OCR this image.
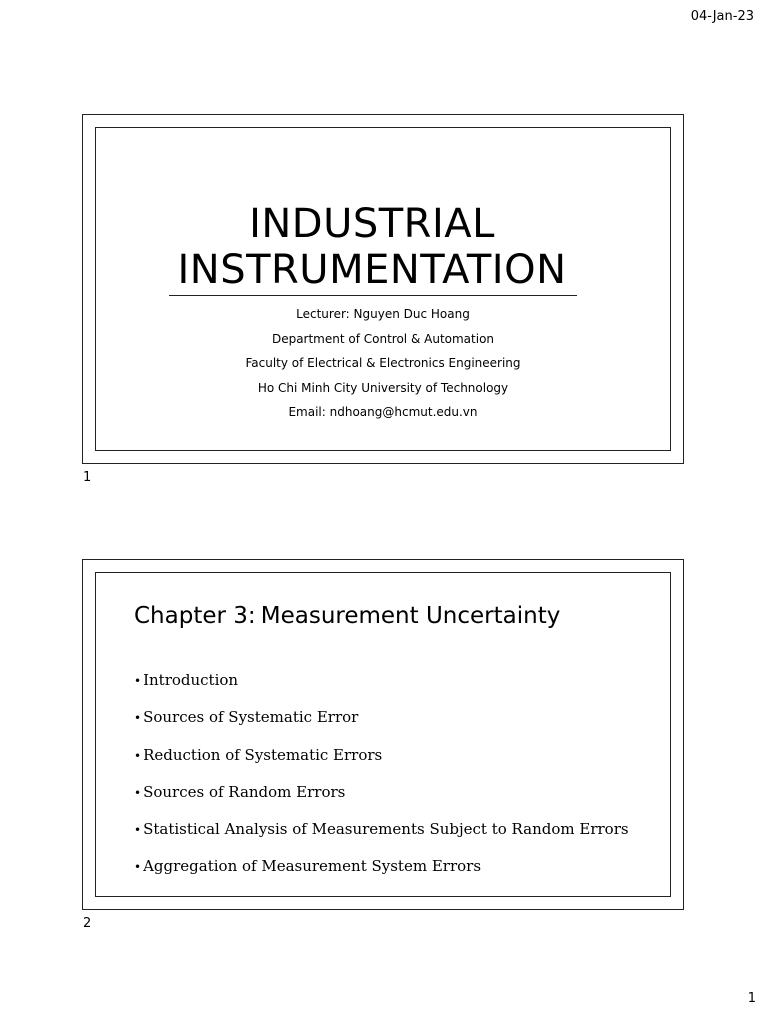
04-Jan-23
INDUSTRIAL
INSTRUMENTATION
Lecturer: Nguyen Duc Hoang
Department of Control & Automation
Faculty of Electrical & Electronics Engineering
Ho Chi Minh City University of Technology
Email: ndhoang@hcmut.edu.vn
1
Chapter 3: Measurement Uncertainty
• Introduction
• Sources of Systematic Error
• Reduction of Systematic Errors
• Sources of Random Errors
• Statistical Analysis of Measurements Subject to Random Errors
• Aggregation of Measurement System Errors
2
1
